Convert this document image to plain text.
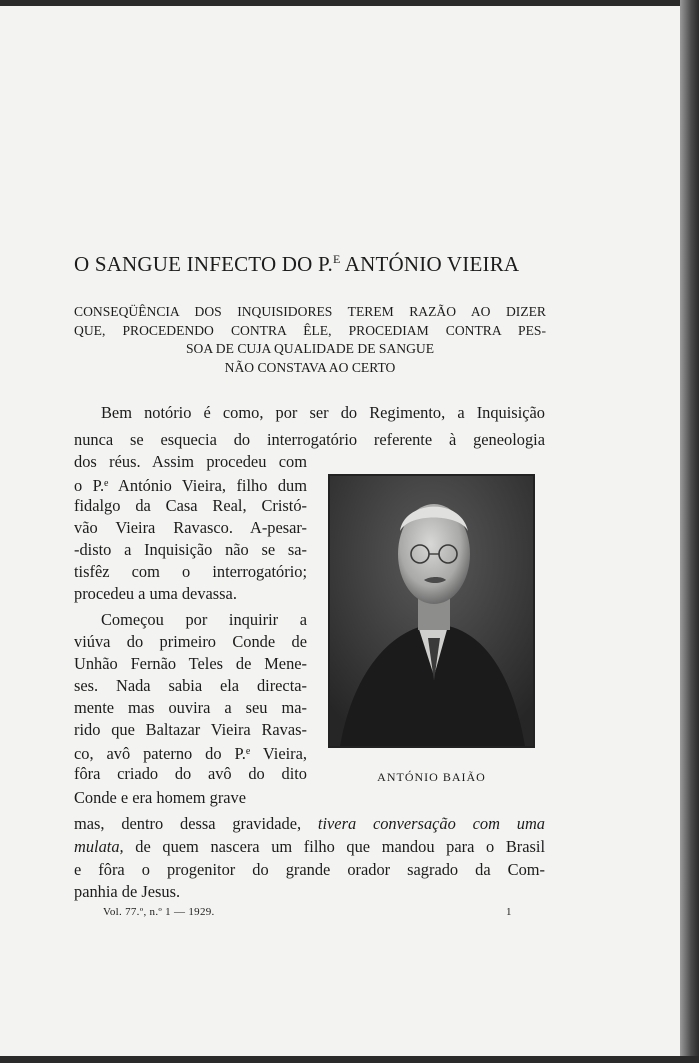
O SANGUE INFECTO DO P.$^E$ ANTÓNIO VIEIRA
CONSEQÜÊNCIA DOS INQUISIDORES TEREM RAZÃO AO DIZER
QUE, PROCEDENDO CONTRA ÊLE, PROCEDIAM CONTRA PES-
SOA DE CUJA QUALIDADE DE SANGUE
NÃO CONSTAVA AO CERTO
Bem notório é como, por ser do Regimento, a Inquisição
nunca se esquecia do interrogatório referente à geneologia
dos réus. Assim procedeu com
o P.$^e$ António Vieira, filho dum
fidalgo da Casa Real, Cristó-
vão Vieira Ravasco. A-pesar-
-disto a Inquisição não se sa-
tisfêz com o interrogatório;
procedeu a uma devassa.
Começou por inquirir a
viúva do primeiro Conde de
Unhão Fernão Teles de Mene-
ses. Nada sabia ela directa-
mente mas ouvira a seu ma-
rido que Baltazar Vieira Ravas-
co, avô paterno do P.$^e$ Vieira,
fôra criado do avô do dito
Conde e era homem grave
mas, dentro dessa gravidade, tivera conversação com uma
mulata, de quem nascera um filho que mandou para o Brasil
e fôra o progenitor do grande orador sagrado da Com-
panhia de Jesus.
ANTÓNIO BAIÃO
Vol. 77.º, n.º 1 — 1929.	1
